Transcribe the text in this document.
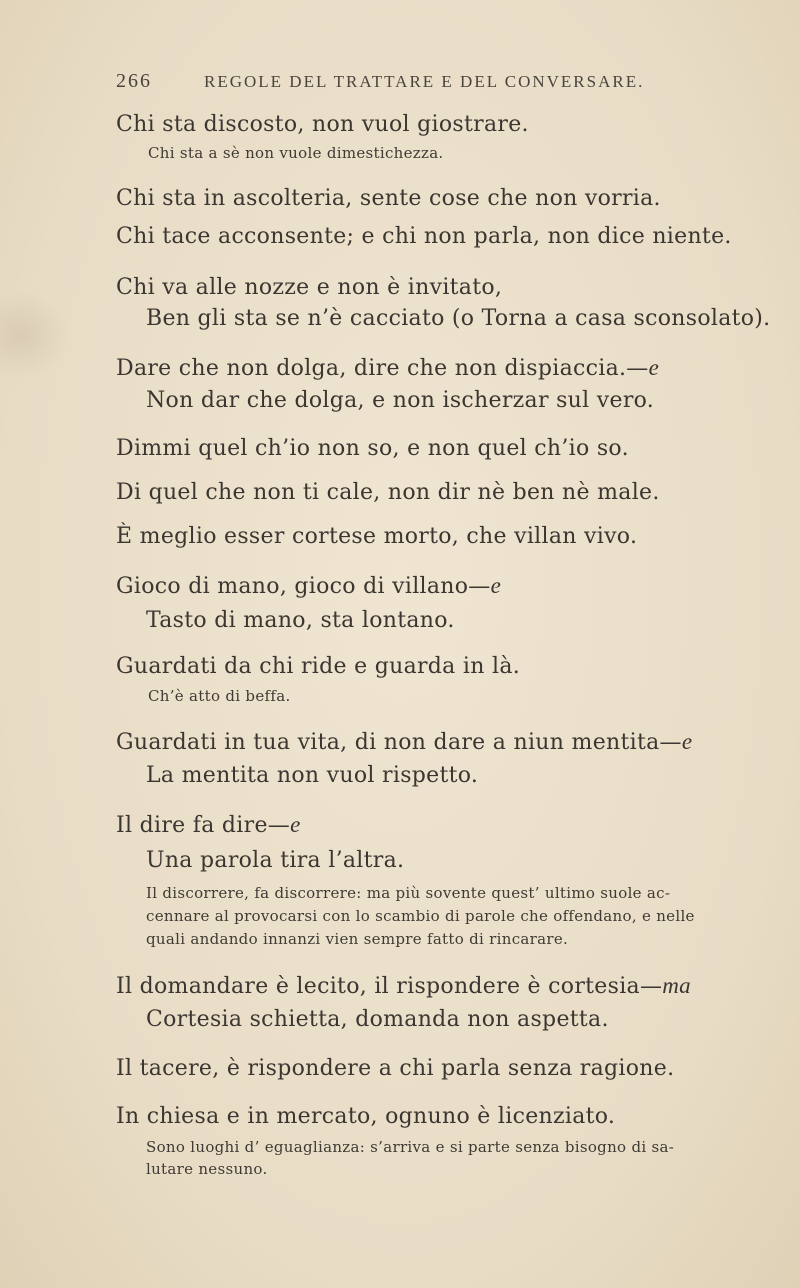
266	REGOLE DEL TRATTARE E DEL CONVERSARE.
Chi sta discosto, non vuol giostrare.
Chi sta a sè non vuole dimestichezza.
Chi sta in ascolteria, sente cose che non vorria.
Chi tace acconsente; e chi non parla, non dice niente.
Chi va alle nozze e non è invitato,
Ben gli sta se n’è cacciato (o Torna a casa sconsolato).
Dare che non dolga, dire che non dispiaccia.—e
Non dar che dolga, e non ischerzar sul vero.
Dimmi quel ch’io non so, e non quel ch’io so.
Di quel che non ti cale, non dir nè ben nè male.
È meglio esser cortese morto, che villan vivo.
Gioco di mano, gioco di villano—e
Tasto di mano, sta lontano.
Guardati da chi ride e guarda in là.
Ch’è atto di beffa.
Guardati in tua vita, di non dare a niun mentita—e
La mentita non vuol rispetto.
Il dire fa dire—e
Una parola tira l’altra.
Il discorrere, fa discorrere: ma più sovente quest’ ultimo suole ac-
cennare al provocarsi con lo scambio di parole che offendano, e nelle
quali andando innanzi vien sempre fatto di rincarare.
Il domandare è lecito, il rispondere è cortesia—ma
Cortesia schietta, domanda non aspetta.
Il tacere, è rispondere a chi parla senza ragione.
In chiesa e in mercato, ognuno è licenziato.
Sono luoghi d’ eguaglianza: s’arriva e si parte senza bisogno di sa-
lutare nessuno.
